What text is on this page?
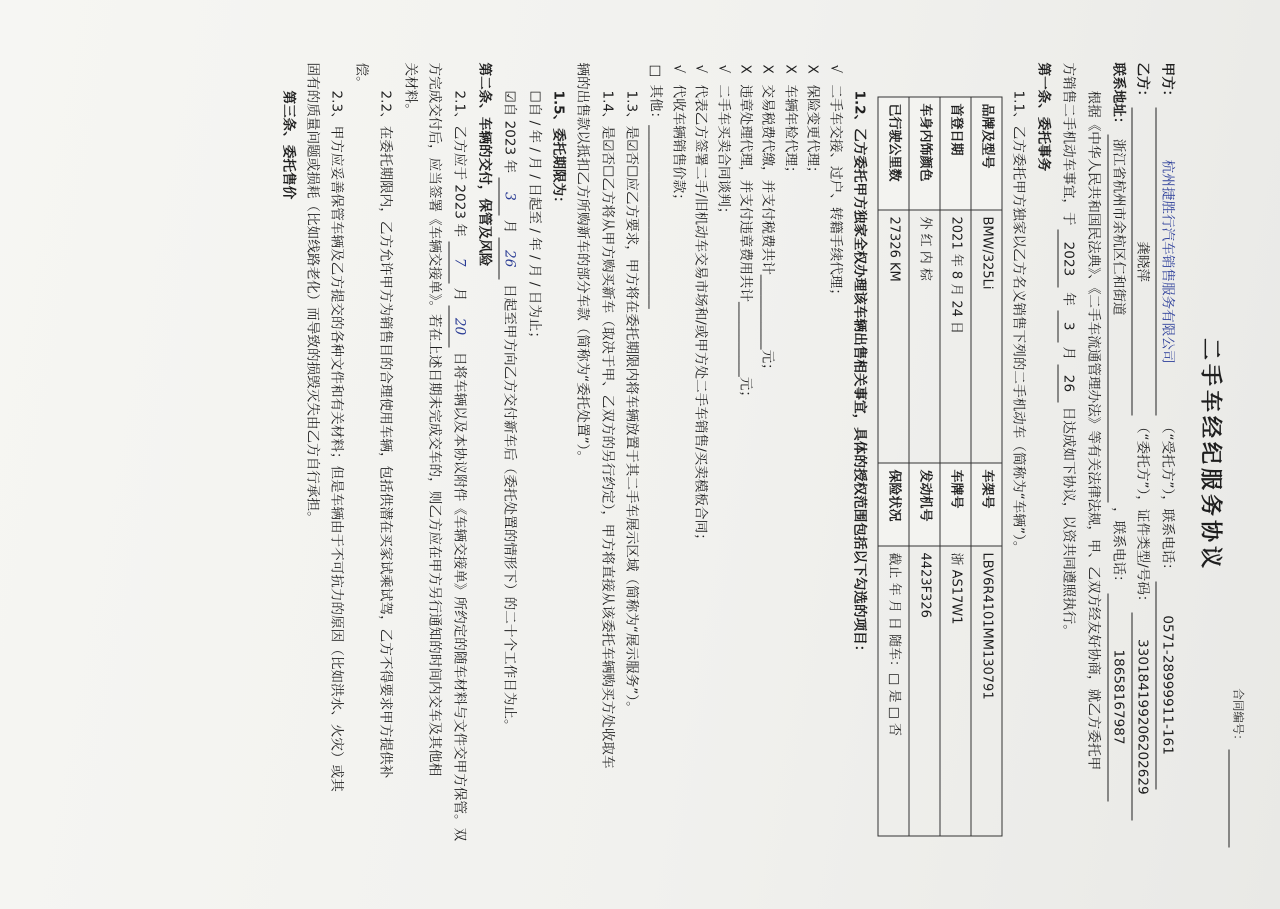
合同编号：
二手车经纪服务协议
甲方： 杭州捷胜行汽车销售服务有限公司 （“受托方”），联系电话： 0571-28999911-161
乙方： 龚晓萍 （“委托方”），证件类型/号码： 330184199206202629
联系地址： 浙江省杭州市余杭区仁和街道 ，联系电话： 18658167987
根据《中华人民共和国民法典》、《二手车流通管理办法》等有关法律法规，甲、乙双方经友好协商，就乙方委托甲
方销售二手机动车事宜，于 2023 年 3 月 26 日达成如下协议，以资共同遵照执行。
第一条、委托事务
1.1、乙方委托甲方独家以乙方名义销售下列的二手机动车（简称为“车辆”）。
品牌及型号	BMW/325Li	车架号	LBV6R4101MM130791
首登日期	2021 年 8 月 24 日	车牌号	浙 AS17W1
车身内饰颜色	外 红 内 棕	发动机号	4423F326
已行驶公里数	27326 KM	保险状况	截止 年 月 日 随车：□ 是 □ 否
1.2、乙方委托甲方独家全权办理该车辆出售相关事宜，具体的授权范围包括以下勾选的项目：
√二手车交接、过户、转籍手续代理；
X保险变更代理；
X车辆年检代理；
X交易税费代缴，并支付税费共计___________元；
X违章处理代理，并支付违章费用共计___________元；
√二手车买卖合同谈判；
√代表乙方签署二手/旧机动车交易市场和/或甲方处二手车销售/买卖模板合同；
√代收车辆销售价款；
□其他：___________________________
1.3、是☑否☐应乙方要求，甲方将在委托期限内将车辆放置于其二手车展示区域（简称为“展示服务”）。
1.4、是☑否☐乙方将从甲方购买新车（取决于甲、乙双方的另行约定），甲方将直接从该委托车辆购买方处收取车
辆的出售款以抵扣乙方所购新车的部分车款（简称为“委托处置”）。
1.5、委托期限为：
☐自 / 年 / 月 / 日起至 / 年 / 月 / 日为止；
☑自 2023 年 3 月 26 日起至甲方向乙方交付新车后（委托处置的情形下）的二十个工作日为止。
第二条、车辆的交付，保管及风险
2.1、乙方应于 2023 年 7 月 20 日将车辆以及本协议附件《车辆交接单》所约定的随车材料与文件交甲方保管。双
方完成交付后，应当签署《车辆交接单》。若在上述日期未完成交车的，则乙方应在甲方另行通知的时间内交车及其他相
关材料。
2.2、在委托期限内，乙方允许甲方为销售目的合理使用车辆，包括供潜在买家试乘试驾，乙方不得要求甲方提供补
偿。
2.3、甲方应妥善保管车辆及乙方提交的各种文件和有关材料；但是车辆由于不可抗力的原因（比如洪水、火灾）或其
固有的质量问题或损耗（比如线路老化）而导致的损毁灭失由乙方自行承担。
第三条、委托售价
